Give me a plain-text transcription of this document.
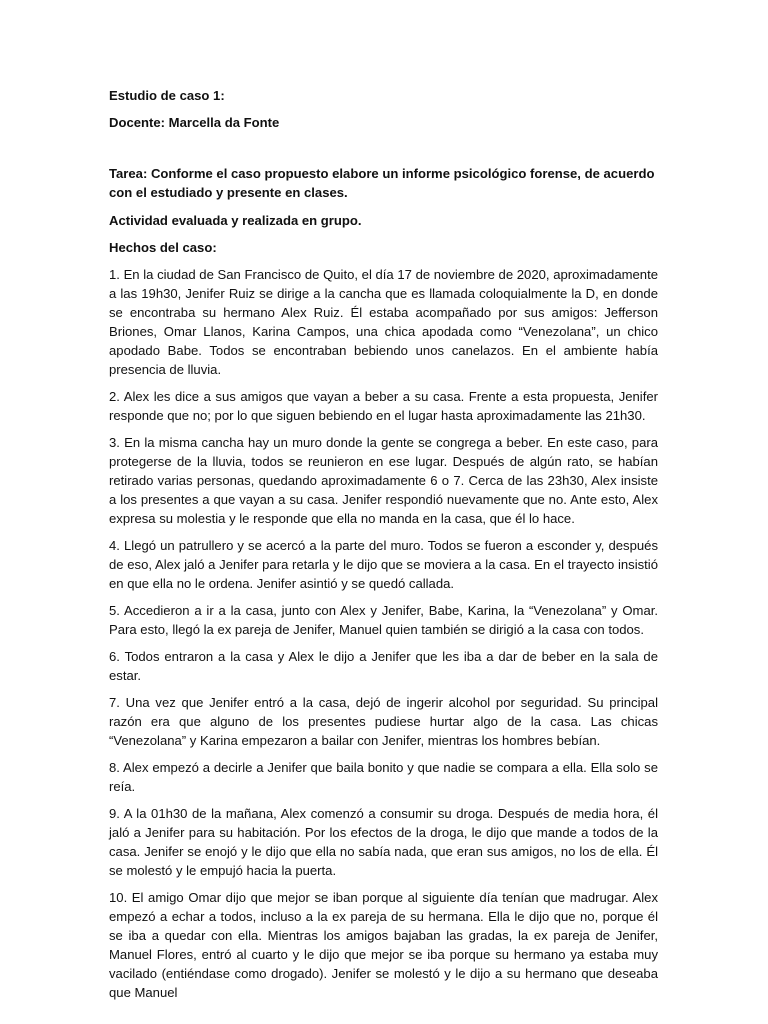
Estudio de caso 1:

Docente: Marcella da Fonte

Tarea: Conforme el caso propuesto elabore un informe psicológico forense, de acuerdo con el estudiado y presente en clases.

Actividad evaluada y realizada en grupo.

Hechos del caso:

1. En la ciudad de San Francisco de Quito, el día 17 de noviembre de 2020, aproximadamente a las 19h30, Jenifer Ruiz se dirige a la cancha que es llamada coloquialmente la D, en donde se encontraba su hermano Alex Ruiz. Él estaba acompañado por sus amigos: Jefferson Briones, Omar Llanos, Karina Campos, una chica apodada como “Venezolana”, un chico apodado Babe. Todos se encontraban bebiendo unos canelazos. En el ambiente había presencia de lluvia.

2. Alex les dice a sus amigos que vayan a beber a su casa. Frente a esta propuesta, Jenifer responde que no; por lo que siguen bebiendo en el lugar hasta aproximadamente las 21h30.

3. En la misma cancha hay un muro donde la gente se congrega a beber. En este caso, para protegerse de la lluvia, todos se reunieron en ese lugar. Después de algún rato, se habían retirado varias personas, quedando aproximadamente 6 o 7. Cerca de las 23h30, Alex insiste a los presentes a que vayan a su casa. Jenifer respondió nuevamente que no. Ante esto, Alex expresa su molestia y le responde que ella no manda en la casa, que él lo hace.

4. Llegó un patrullero y se acercó a la parte del muro. Todos se fueron a esconder y, después de eso, Alex jaló a Jenifer para retarla y le dijo que se moviera a la casa. En el trayecto insistió en que ella no le ordena. Jenifer asintió y se quedó callada.

5. Accedieron a ir a la casa, junto con Alex y Jenifer, Babe, Karina, la “Venezolana” y Omar. Para esto, llegó la ex pareja de Jenifer, Manuel quien también se dirigió a la casa con todos.

6. Todos entraron a la casa y Alex le dijo a Jenifer que les iba a dar de beber en la sala de estar.

7. Una vez que Jenifer entró a la casa, dejó de ingerir alcohol por seguridad. Su principal razón era que alguno de los presentes pudiese hurtar algo de la casa. Las chicas “Venezolana” y Karina empezaron a bailar con Jenifer, mientras los hombres bebían.

8. Alex empezó a decirle a Jenifer que baila bonito y que nadie se compara a ella. Ella solo se reía.

9. A la 01h30 de la mañana, Alex comenzó a consumir su droga. Después de media hora, él jaló a Jenifer para su habitación. Por los efectos de la droga, le dijo que mande a todos de la casa. Jenifer se enojó y le dijo que ella no sabía nada, que eran sus amigos, no los de ella. Él se molestó y le empujó hacia la puerta.

10. El amigo Omar dijo que mejor se iban porque al siguiente día tenían que madrugar. Alex empezó a echar a todos, incluso a la ex pareja de su hermana. Ella le dijo que no, porque él se iba a quedar con ella. Mientras los amigos bajaban las gradas, la ex pareja de Jenifer, Manuel Flores, entró al cuarto y le dijo que mejor se iba porque su hermano ya estaba muy vacilado (entiéndase como drogado). Jenifer se molestó y le dijo a su hermano que deseaba que Manuel
